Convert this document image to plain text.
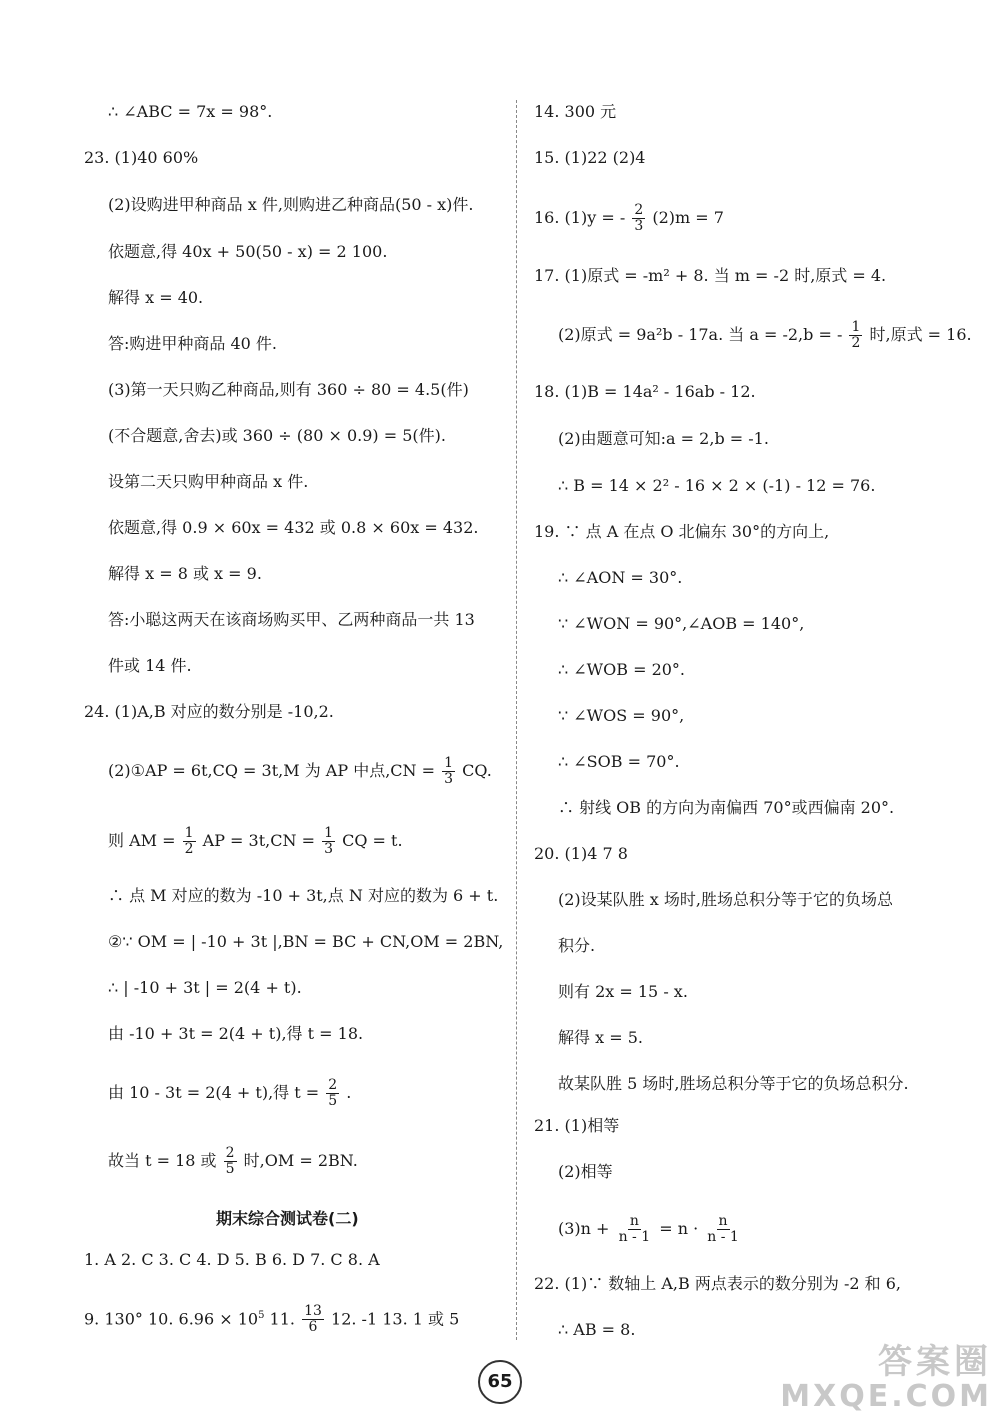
∴ ∠ABC = 7x = 98°.
23. (1)40 60%
(2)设购进甲种商品 x 件,则购进乙种商品(50 - x)件.
依题意,得 40x + 50(50 - x) = 2 100.
解得 x = 40.
答:购进甲种商品 40 件.
(3)第一天只购乙种商品,则有 360 ÷ 80 = 4.5(件)
(不合题意,舍去)或 360 ÷ (80 × 0.9) = 5(件).
设第二天只购甲种商品 x 件.
依题意,得 0.9 × 60x = 432 或 0.8 × 60x = 432.
解得 x = 8 或 x = 9.
答:小聪这两天在该商场购买甲、乙两种商品一共 13
件或 14 件.
24. (1)A,B 对应的数分别是 -10,2.
(2)①AP = 6t,CQ = 3t,M 为 AP 中点$,CN = \frac{1}{3}$ CQ.
则 AM = $\frac{1}{2}$ AP = $3t,CN = \frac{1}{3}$ CQ = t.
∴ 点 M 对应的数为 -10 + 3t,点 N 对应的数为 6 + t.
②∵ OM = | -10 + 3t |,BN = BC + CN,OM = 2BN,
∴ | -10 + 3t | = 2(4 + t).
由 -10 + 3t = 2(4 + t),得 t = 18.
由 10 - 3t = 2(4 + t),得 $t = \frac{2}{5}$ .
故当 t = 18 或 $\frac{2}{5}$ 时,OM = 2BN.
期末综合测试卷(二)
1. A 2. C 3. C 4. D 5. B 6. D 7. C 8. A
9. 130° 10. $6.96 \times 10^5$ 11. $\frac{13}{6} 12$. -1 13. 1 或 5
14. 300 元
15. (1)22 (2)4
16. (1)y = - $\frac{2}{3} (2)m = 7$
17. (1)原式 = -m² + 8. 当 m = -2 时,原式 = 4.
(2)原式 = 9a²b - 17a. 当 a = -2,b = - $\frac{1}{2}$ 时,原式 = 16.
18. (1)B = 14a² - 16ab - 12.
(2)由题意可知:a = 2,b = -1.
∴ B = 14 × 2² - 16 × 2 × (-1) - 12 = 76.
19. ∵ 点 A 在点 O 北偏东 30°的方向上,
∴ ∠AON = 30°.
∵ ∠WON = 90°,∠AOB = 140°,
∴ ∠WOB = 20°.
∵ ∠WOS = 90°,
∴ ∠SOB = 70°.
∴ 射线 OB 的方向为南偏西 70°或西偏南 20°.
20. (1)4 7 8
(2)设某队胜 x 场时,胜场总积分等于它的负场总
积分.
则有 2x = 15 - x.
解得 x = 5.
故某队胜 5 场时,胜场总积分等于它的负场总积分.
21. (1)相等
(2)相等
$(3)n + \frac{n}{n - 1} = n \cdot \frac{n}{n - 1}$
22. (1)∵ 数轴上 A,B 两点表示的数分别为 -2 和 6,
∴ AB = 8.
65	答案圈
MXQE.COM
